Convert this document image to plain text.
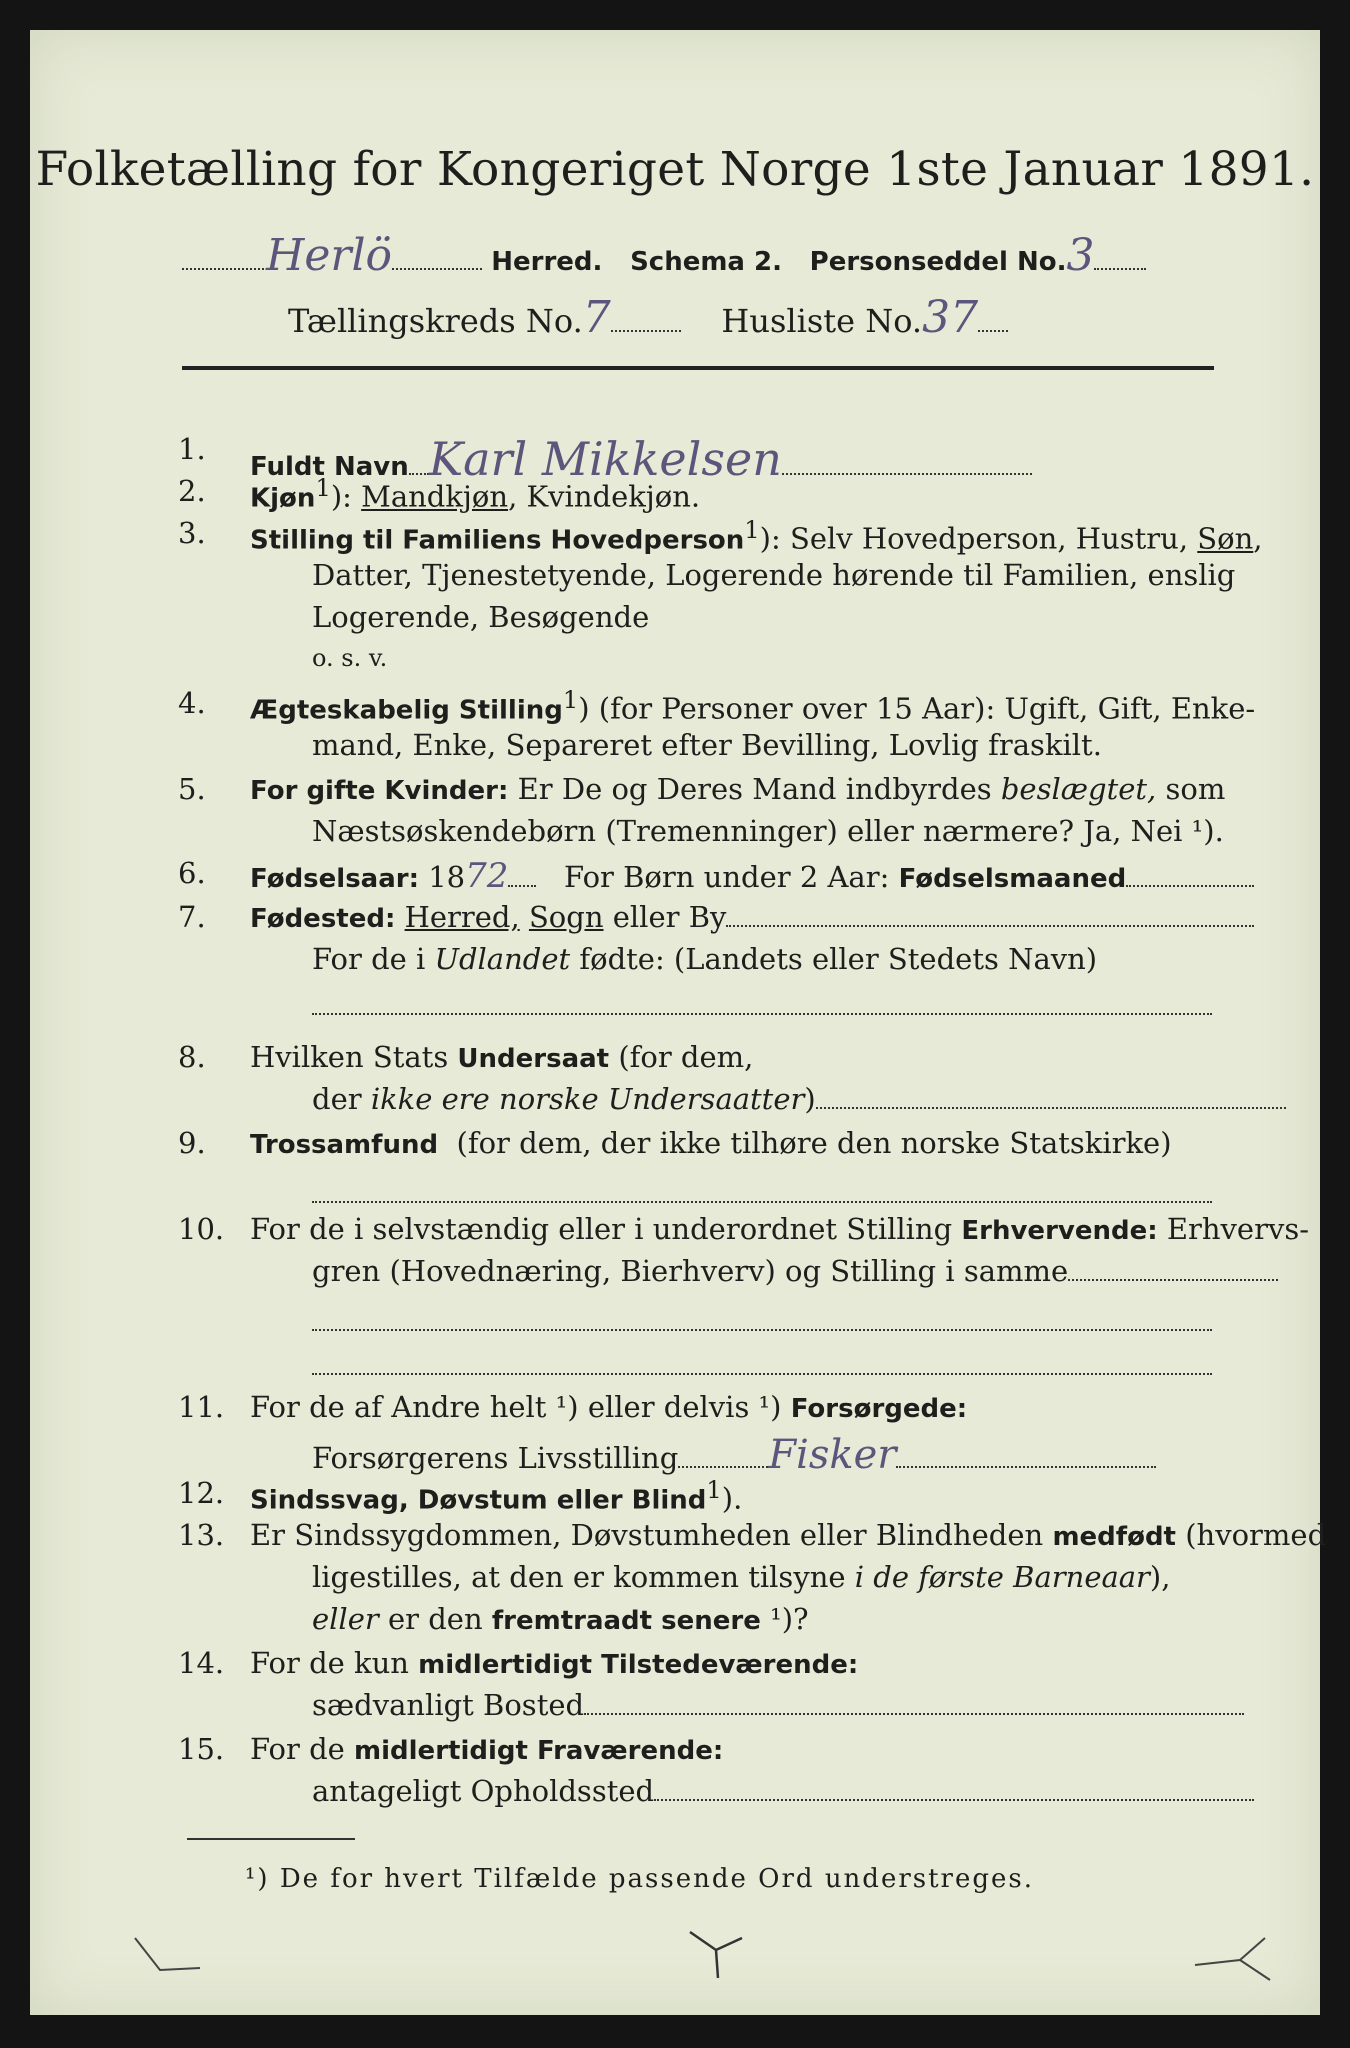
Folketælling for Kongeriget Norge 1ste Januar 1891.
Herlö	Herred. Schema 2. Personseddel No.3
Tællingskreds No.7	Husliste No.37
1.
Fuldt Navn Karl Mikkelsen
2. Kjøn$^1$): Mandkjøn, Kvindekjøn.
3. Stilling til Familiens Hovedperson$^1$): Selv Hovedperson, Hustru, Søn,
Datter, Tjenestetyende, Logerende hørende til Familien, enslig
Logerende, Besøgende
o. s. v.
4. Ægteskabelig Stilling$^1$) (for Personer over 15 Aar): Ugift, Gift, Enke-
mand, Enke, Separeret efter Bevilling, Lovlig fraskilt.
5. For gifte Kvinder: Er De og Deres Mand indbyrdes beslægtet, som
Næstsøskendebørn (Tremenninger) eller nærmere? Ja, Nei ¹).
6. Fødselsaar: 1872 For Børn under 2 Aar: Fødselsmaaned
7. Fødested: Herred, Sogn eller By
For de i Udlandet fødte: (Landets eller Stedets Navn)
8. Hvilken Stats Undersaat (for dem,
der ikke ere norske Undersaatter)
9. Trossamfund (for dem, der ikke tilhøre den norske Statskirke)
10. For de i selvstændig eller i underordnet Stilling Erhvervende: Erhvervs-
gren (Hovednæring, Bierhverv) og Stilling i samme
11. For de af Andre helt ¹) eller delvis ¹) Forsørgede:
Forsørgerens Livsstilling Fisker
12. Sindssvag, Døvstum eller Blind$^1$).
13. Er Sindssygdommen, Døvstumheden eller Blindheden medfødt (hvormed
ligestilles, at den er kommen tilsyne i de første Barneaar),
eller er den fremtraadt senere ¹)?
14. For de kun midlertidigt Tilstedeværende:
sædvanligt Bosted
15. For de midlertidigt Fraværende:
antageligt Opholdssted
¹) De for hvert Tilfælde passende Ord understreges.
